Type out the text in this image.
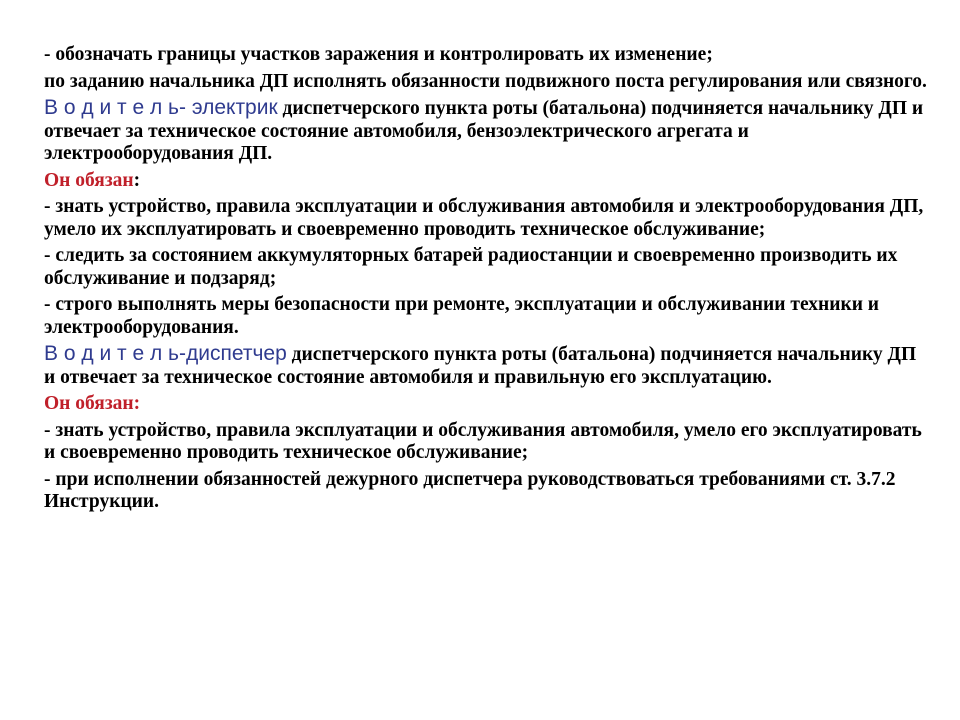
- обозначать границы участков заражения и контролировать их изменение;

по заданию начальника ДП исполнять обязанности подвижного поста регулирования или связного.

В о д и т е л ь- электрик диспетчерского пункта роты (батальона) подчиняется начальнику ДП и отвечает за техническое состояние автомобиля, бензоэлектрического агрегата и электрооборудования ДП.

Он обязан:

- знать устройство, правила эксплуатации и обслуживания автомобиля и электрооборудования ДП, умело их эксплуатировать и своевременно проводить техническое обслуживание;

- следить за состоянием аккумуляторных батарей радиостанции и своевременно производить их обслуживание и подзаряд;

- строго выполнять меры безопасности при ремонте, эксплуатации и обслуживании техники и электрооборудования.

В о д и т е л ь-диспетчер диспетчерского пункта роты (батальона) подчиняется начальнику ДП и отвечает за техническое состояние автомобиля и правильную его эксплуатацию.

Он обязан:

- знать устройство, правила эксплуатации и обслуживания автомобиля, умело его эксплуатировать и своевременно проводить техническое обслуживание;

- при исполнении обязанностей дежурного диспетчера руководствоваться требованиями ст. 3.7.2 Инструкции.
